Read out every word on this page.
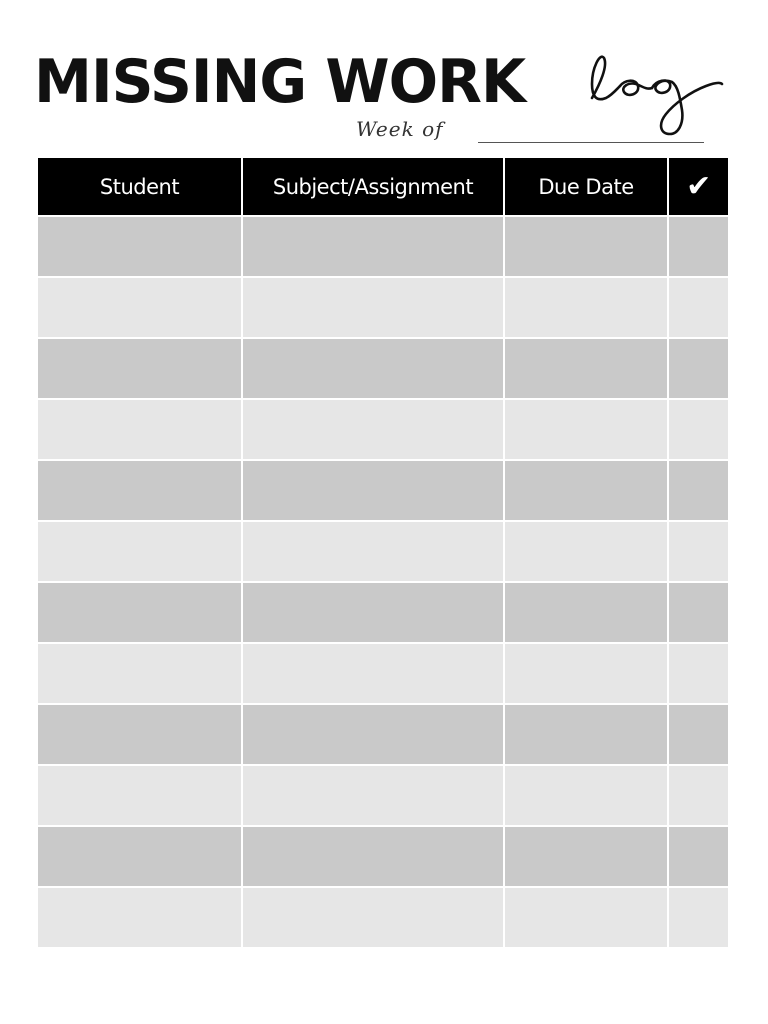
MISSING WORK
Week of
Student	Subject/Assignment	Due Date	✔
